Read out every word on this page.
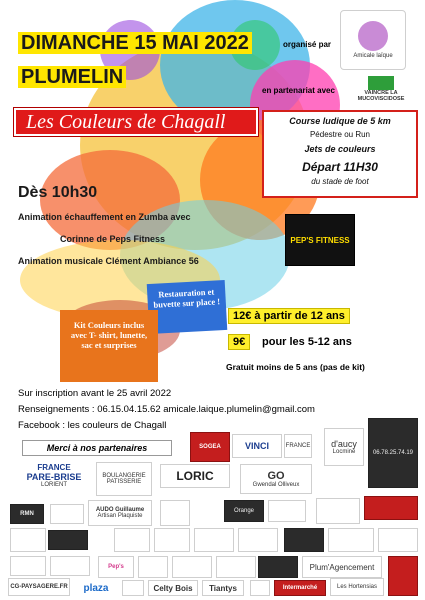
DIMANCHE 15 MAI 2022	organisé par
Amicale laïque
PLUMELIN
en partenariat avec	VAINCRE LA MUCOVISCIDOSE
Les Couleurs de Chagall	Course ludique de 5 km
Pédestre ou Run
Jets de couleurs
Départ 11H30
du stade de foot
Dès 10h30
Animation échauffement en Zumba avec
Corinne de Peps Fitness
Animation musicale Clément Ambiance 56
PEP'S FITNESS
Restauration et buvette sur place !
Kit Couleurs inclus avec T- shirt, lunette, sac et surprises
12€ à partir de 12 ans
9€	pour les 5-12 ans
Gratuit moins de 5 ans (pas de kit)
Sur inscription avant le 25 avril 2022
Renseignements : 06.15.04.15.62 amicale.laique.plumelin@gmail.com
Facebook : les couleurs de Chagall
Merci à nos partenaires	SOGEA	VINCI	FRANCE d'aucy
Locminé	06.78.25.74.19
FRANCE
PARE-BRISE
LORIENT
BOULANGERIE PATISSERIE	LORIC	GO
Gwendal Olliveux
RMN
AUDO Guillaume
Artisan Plaquiste
Orange
Pep's	Plum'Agencement
CG-PAYSAGERE.FR plaza	Celty Bois Tiantys	Intermarché	Les Hortensias
